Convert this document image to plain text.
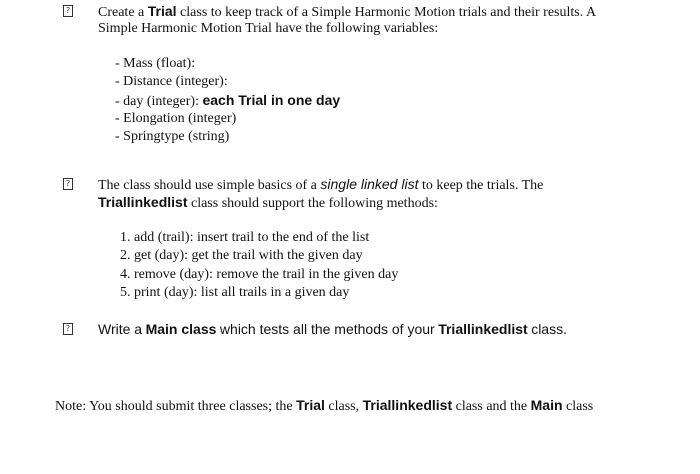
? Create a Trial class to keep track of a Simple Harmonic Motion trials and their results. A
Simple Harmonic Motion Trial have the following variables:
- Mass (float):
- Distance (integer):
- day (integer): each Trial in one day
- Elongation (integer)
- Springtype (string)
? The class should use simple basics of a single linked list to keep the trials. The
Triallinkedlist class should support the following methods:
1. add (trail): insert trail to the end of the list
2. get (day): get the trail with the given day
4. remove (day): remove the trail in the given day
5. print (day): list all trails in a given day
? Write a Main class which tests all the methods of your Triallinkedlist class.
Note: You should submit three classes; the Trial class, Triallinkedlist class and the Main class
